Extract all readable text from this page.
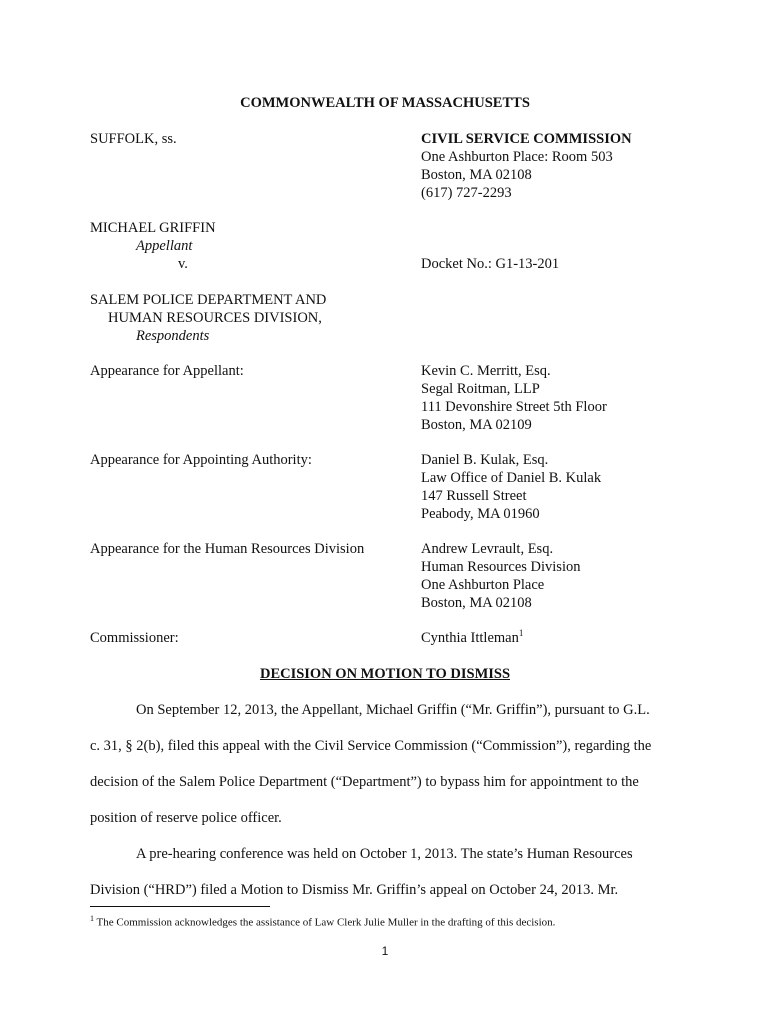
COMMONWEALTH OF MASSACHUSETTS
SUFFOLK, ss.	CIVIL SERVICE COMMISSION
One Ashburton Place: Room 503
Boston, MA 02108
(617) 727-2293
MICHAEL GRIFFIN
Appellant
v.	Docket No.: G1-13-201
SALEM POLICE DEPARTMENT AND
HUMAN RESOURCES DIVISION,
Respondents
Appearance for Appellant:	Kevin C. Merritt, Esq.
Segal Roitman, LLP
111 Devonshire Street 5th Floor
Boston, MA 02109
Appearance for Appointing Authority:	Daniel B. Kulak, Esq.
Law Office of Daniel B. Kulak
147 Russell Street
Peabody, MA 01960
Appearance for the Human Resources Division	Andrew Levrault, Esq.
Human Resources Division
One Ashburton Place
Boston, MA 02108
Commissioner:	Cynthia Ittleman$^1$
DECISION ON MOTION TO DISMISS
On September 12, 2013, the Appellant, Michael Griffin (“Mr. Griffin”), pursuant to G.L.
c. 31, § 2(b), filed this appeal with the Civil Service Commission (“Commission”), regarding the
decision of the Salem Police Department (“Department”) to bypass him for appointment to the
position of reserve police officer.
A pre-hearing conference was held on October 1, 2013. The state’s Human Resources
Division (“HRD”) filed a Motion to Dismiss Mr. Griffin’s appeal on October 24, 2013. Mr.
$^1$ The Commission acknowledges the assistance of Law Clerk Julie Muller in the drafting of this decision.
1
